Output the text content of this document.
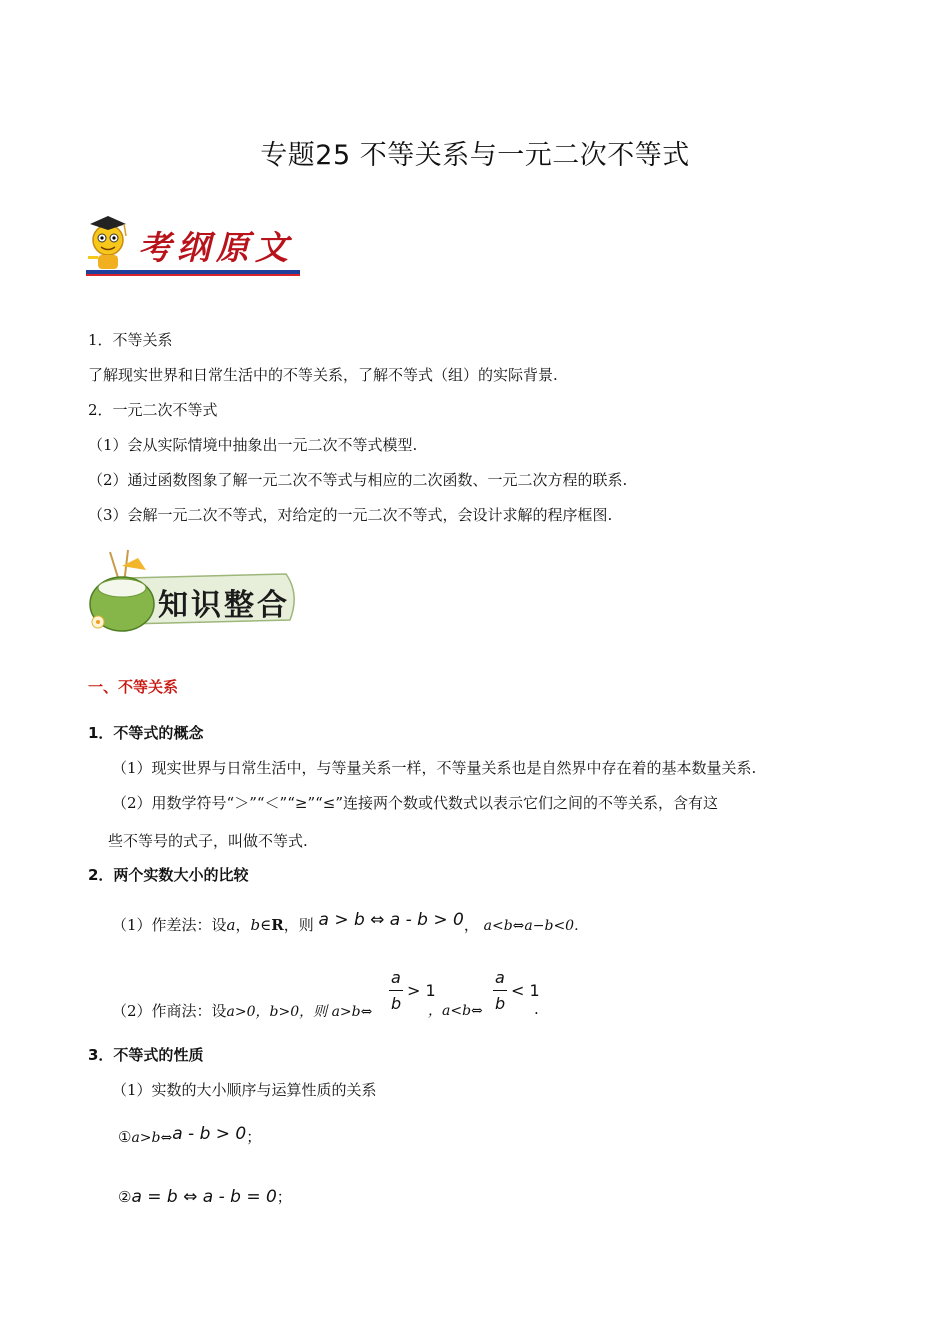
专题25 不等关系与一元二次不等式
考纲原文
1．不等关系
了解现实世界和日常生活中的不等关系，了解不等式（组）的实际背景.
2．一元二次不等式
（1）会从实际情境中抽象出一元二次不等式模型.
（2）通过函数图象了解一元二次不等式与相应的二次函数、一元二次方程的联系.
（3）会解一元二次不等式，对给定的一元二次不等式，会设计求解的程序框图.
知识整合
一、不等关系
1．不等式的概念
（1）现实世界与日常生活中，与等量关系一样，不等量关系也是自然界中存在着的基本数量关系.
（2）用数学符号“＞”“＜”“≥”“≤”连接两个数或代数式以表示它们之间的不等关系，含有这
些不等号的式子，叫做不等式.
2．两个实数大小的比较
（1）作差法：设a，b∈R，则 a > b ⇔ a - b > 0， a<b⇔a−b<0.
（2）作商法：设a>0，b>0，则 a>b⇔
a
b
> 1
，a<b⇔
a
b
< 1
.
3．不等式的性质
（1）实数的大小顺序与运算性质的关系
①a>b⇔a - b > 0；
②a = b ⇔ a - b = 0；
